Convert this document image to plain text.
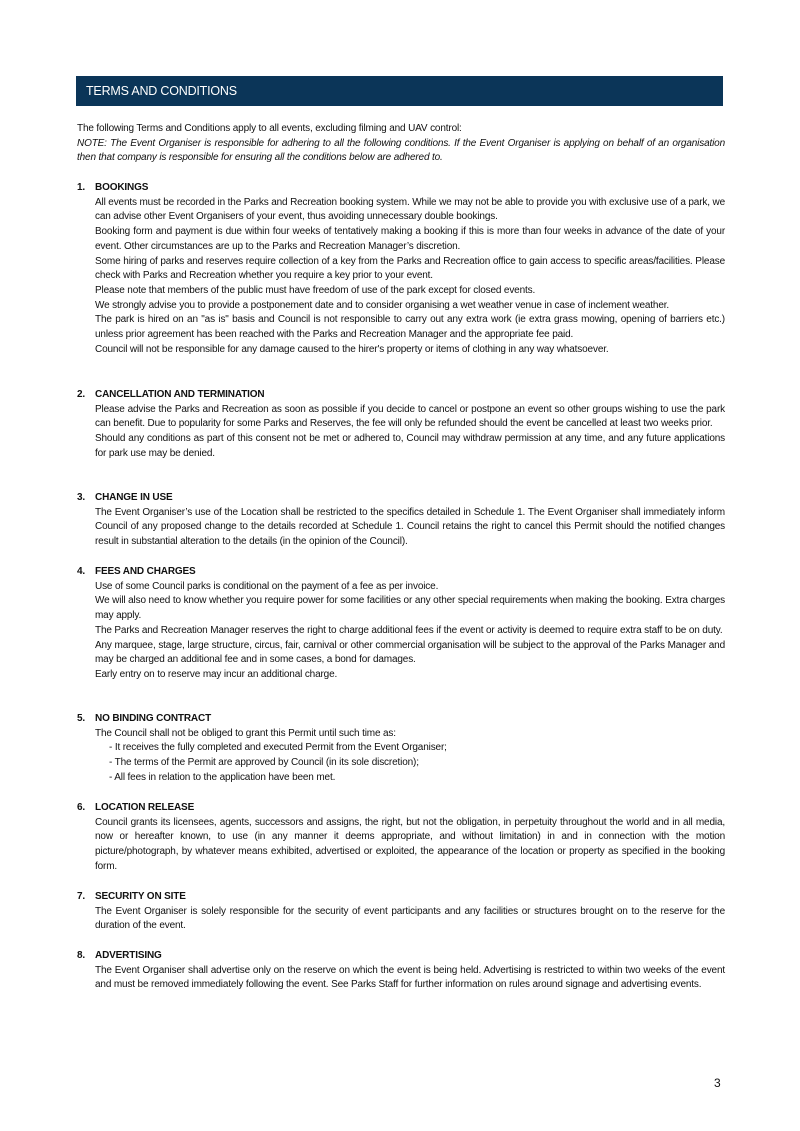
TERMS AND CONDITIONS
The following Terms and Conditions apply to all events, excluding filming and UAV control:
NOTE: The Event Organiser is responsible for adhering to all the following conditions. If the Event Organiser is applying on behalf of an organisation then that company is responsible for ensuring all the conditions below are adhered to.
1. BOOKINGS

All events must be recorded in the Parks and Recreation booking system. While we may not be able to provide you with exclusive use of a park, we can advise other Event Organisers of your event, thus avoiding unnecessary double bookings.

Booking form and payment is due within four weeks of tentatively making a booking if this is more than four weeks in advance of the date of your event. Other circumstances are up to the Parks and Recreation Manager’s discretion.

Some hiring of parks and reserves require collection of a key from the Parks and Recreation office to gain access to specific areas/facilities. Please check with Parks and Recreation whether you require a key prior to your event.

Please note that members of the public must have freedom of use of the park except for closed events.

We strongly advise you to provide a postponement date and to consider organising a wet weather venue in case of inclement weather.

The park is hired on an "as is" basis and Council is not responsible to carry out any extra work (ie extra grass mowing, opening of barriers etc.) unless prior agreement has been reached with the Parks and Recreation Manager and the appropriate fee paid.

Council will not be responsible for any damage caused to the hirer's property or items of clothing in any way whatsoever.

2. CANCELLATION AND TERMINATION

Please advise the Parks and Recreation as soon as possible if you decide to cancel or postpone an event so other groups wishing to use the park can benefit. Due to popularity for some Parks and Reserves, the fee will only be refunded should the event be cancelled at least two weeks prior.

Should any conditions as part of this consent not be met or adhered to, Council may withdraw permission at any time, and any future applications for park use may be denied.

3. CHANGE IN USE

The Event Organiser’s use of the Location shall be restricted to the specifics detailed in Schedule 1. The Event Organiser shall immediately inform Council of any proposed change to the details recorded at Schedule 1. Council retains the right to cancel this Permit should the notified changes result in substantial alteration to the details (in the opinion of the Council).

4. FEES AND CHARGES

Use of some Council parks is conditional on the payment of a fee as per invoice.

We will also need to know whether you require power for some facilities or any other special requirements when making the booking. Extra charges may apply.

The Parks and Recreation Manager reserves the right to charge additional fees if the event or activity is deemed to require extra staff to be on duty.

Any marquee, stage, large structure, circus, fair, carnival or other commercial organisation will be subject to the approval of the Parks Manager and may be charged an additional fee and in some cases, a bond for damages.

Early entry on to reserve may incur an additional charge.

5. NO BINDING CONTRACT

The Council shall not be obliged to grant this Permit until such time as:

- It receives the fully completed and executed Permit from the Event Organiser;
- The terms of the Permit are approved by Council (in its sole discretion);
- All fees in relation to the application have been met.
6. LOCATION RELEASE

Council grants its licensees, agents, successors and assigns, the right, but not the obligation, in perpetuity throughout the world and in all media, now or hereafter known, to use (in any manner it deems appropriate, and without limitation) in and in connection with the motion picture/photograph, by whatever means exhibited, advertised or exploited, the appearance of the location or property as specified in the booking form.

7. SECURITY ON SITE

The Event Organiser is solely responsible for the security of event participants and any facilities or structures brought on to the reserve for the duration of the event.

8. ADVERTISING

The Event Organiser shall advertise only on the reserve on which the event is being held. Advertising is restricted to within two weeks of the event and must be removed immediately following the event. See Parks Staff for further information on rules around signage and advertising events.

3
